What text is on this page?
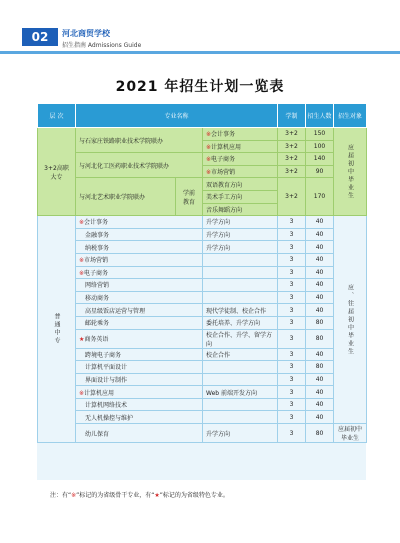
02	河北商贸学校
招生指南 Admissions Guide
2021 年招生计划一览表
层 次	专业名称			学制	招生人数	招生对象
3+2高职大专	与石家庄铁路职业技术学院联办		※会计事务	3+2	150	应届初中毕业生
			※计算机应用	3+2	100	
	与河北化工医药职业技术学院联办		※电子商务	3+2	140	
			※市场营销	3+2	90	
	与河北艺术职业学院联办	学前教育	双语教育方向	3+2	170	
			美术手工方向			
			音乐舞蹈方向			
普通中专	※会计事务		升学方向	3	40	应、往届初中毕业生
	金融事务		升学方向	3	40	
	纳税事务		升学方向	3	40	
	※市场营销			3	40	
	※电子商务			3	40	
	网络营销			3	40	
	移动商务			3	40	
	高星级饭店运营与管理		现代学徒制、校企合作	3	40	
	邮轮乘务		委托培养、升学方向	3	80	
	★商务英语		校企合作、升学、留学方向	3	80	
	跨境电子商务		校企合作	3	40	
	计算机平面设计			3	80	
	界面设计与制作			3	40	
	※计算机应用		Web 前端开发方向	3	40	
	计算机网络技术			3	40	
	无人机操控与维护			3	40	
	幼儿保育		升学方向	3	80	应届初中毕业生
注：有“※”标记的为省级骨干专业，有“★”标记的为省级特色专业。
